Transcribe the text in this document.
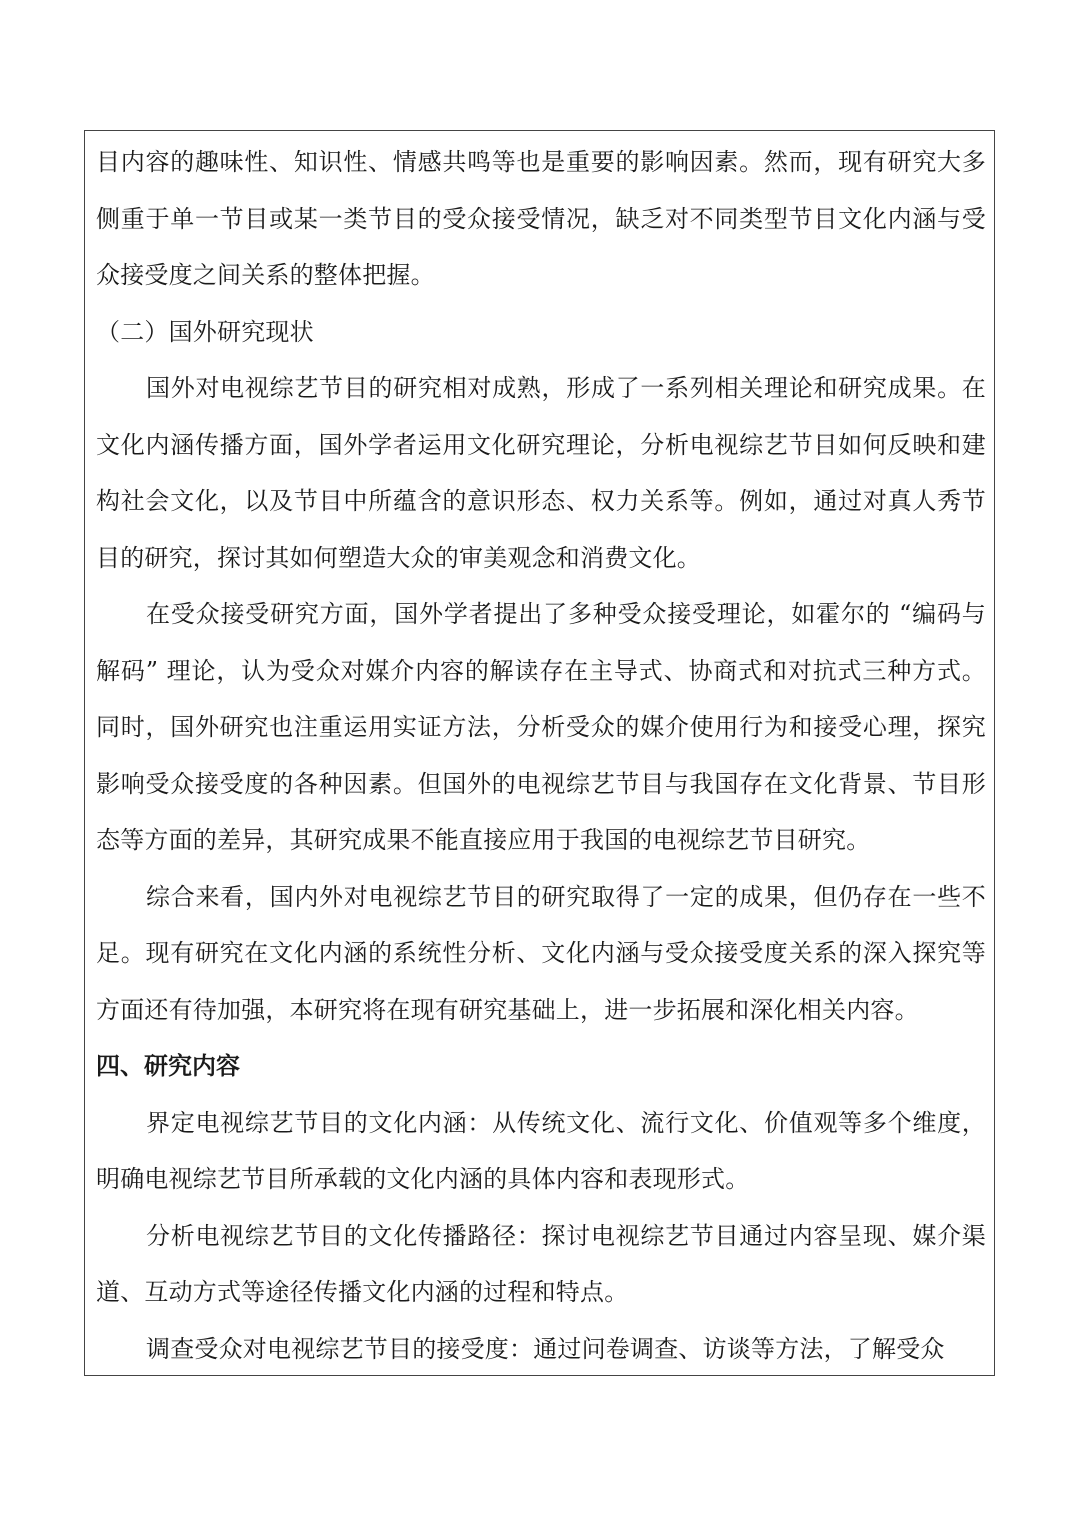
目内容的趣味性、知识性、情感共鸣等也是重要的影响因素。然而，现有研究大多侧重于单一节目或某一类节目的受众接受情况，缺乏对不同类型节目文化内涵与受众接受度之间关系的整体把握。

（二）国外研究现状

国外对电视综艺节目的研究相对成熟，形成了一系列相关理论和研究成果。在文化内涵传播方面，国外学者运用文化研究理论，分析电视综艺节目如何反映和建构社会文化，以及节目中所蕴含的意识形态、权力关系等。例如，通过对真人秀节目的研究，探讨其如何塑造大众的审美观念和消费文化。

在受众接受研究方面，国外学者提出了多种受众接受理论，如霍尔的 “编码与解码” 理论，认为受众对媒介内容的解读存在主导式、协商式和对抗式三种方式。同时，国外研究也注重运用实证方法，分析受众的媒介使用行为和接受心理，探究影响受众接受度的各种因素。但国外的电视综艺节目与我国存在文化背景、节目形态等方面的差异，其研究成果不能直接应用于我国的电视综艺节目研究。

综合来看，国内外对电视综艺节目的研究取得了一定的成果，但仍存在一些不足。现有研究在文化内涵的系统性分析、文化内涵与受众接受度关系的深入探究等方面还有待加强，本研究将在现有研究基础上，进一步拓展和深化相关内容。

四、研究内容

界定电视综艺节目的文化内涵：从传统文化、流行文化、价值观等多个维度，明确电视综艺节目所承载的文化内涵的具体内容和表现形式。

分析电视综艺节目的文化传播路径：探讨电视综艺节目通过内容呈现、媒介渠道、互动方式等途径传播文化内涵的过程和特点。

调查受众对电视综艺节目的接受度：通过问卷调查、访谈等方法，了解受众
